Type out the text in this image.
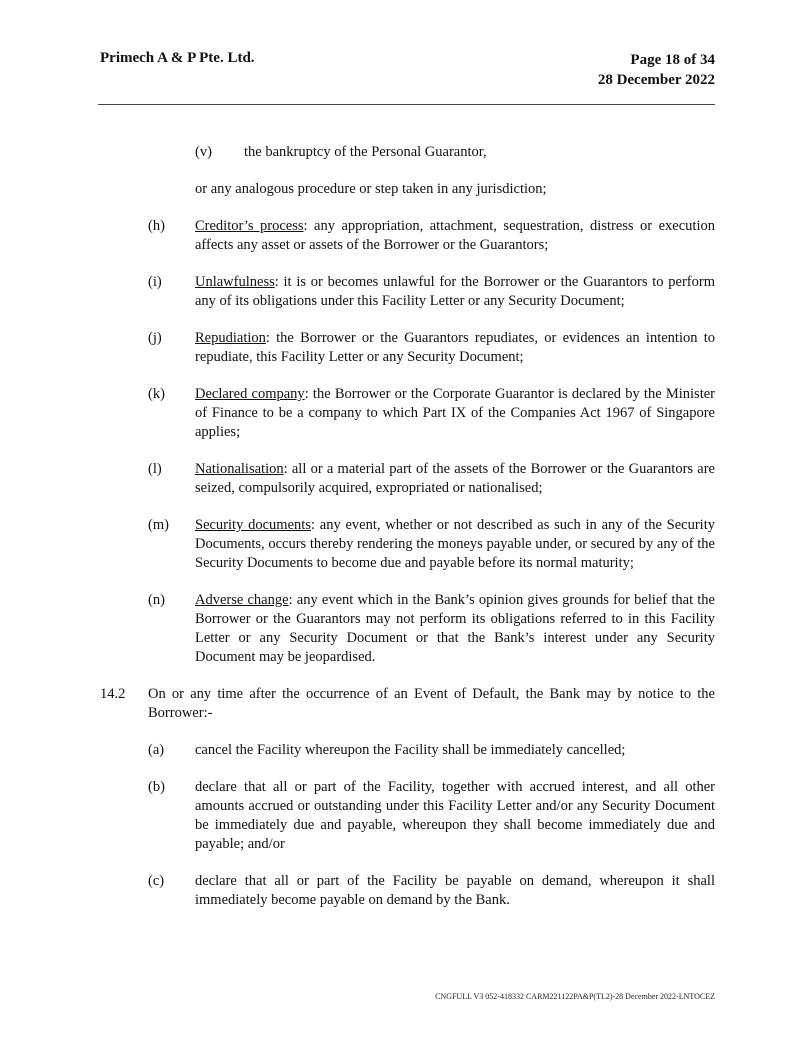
Primech A & P Pte. Ltd.	Page 18 of 34
28 December 2022
(v) the bankruptcy of the Personal Guarantor,
or any analogous procedure or step taken in any jurisdiction;
(h) Creditor’s process: any appropriation, attachment, sequestration, distress or execution affects any asset or assets of the Borrower or the Guarantors;
(i) Unlawfulness: it is or becomes unlawful for the Borrower or the Guarantors to perform any of its obligations under this Facility Letter or any Security Document;
(j) Repudiation: the Borrower or the Guarantors repudiates, or evidences an intention to repudiate, this Facility Letter or any Security Document;
(k) Declared company: the Borrower or the Corporate Guarantor is declared by the Minister of Finance to be a company to which Part IX of the Companies Act 1967 of Singapore applies;
(l) Nationalisation: all or a material part of the assets of the Borrower or the Guarantors are seized, compulsorily acquired, expropriated or nationalised;
(m) Security documents: any event, whether or not described as such in any of the Security Documents, occurs thereby rendering the moneys payable under, or secured by any of the Security Documents to become due and payable before its normal maturity;
(n) Adverse change: any event which in the Bank’s opinion gives grounds for belief that the Borrower or the Guarantors may not perform its obligations referred to in this Facility Letter or any Security Document or that the Bank’s interest under any Security Document may be jeopardised.
14.2 On or any time after the occurrence of an Event of Default, the Bank may by notice to the Borrower:-
(a) cancel the Facility whereupon the Facility shall be immediately cancelled;
(b) declare that all or part of the Facility, together with accrued interest, and all other amounts accrued or outstanding under this Facility Letter and/or any Security Document be immediately due and payable, whereupon they shall become immediately due and payable; and/or
(c) declare that all or part of the Facility be payable on demand, whereupon it shall immediately become payable on demand by the Bank.
CNGFULL V3 052-418332 CARM221122PA&P(TL2)-28 December 2022-LNTOCEZ
